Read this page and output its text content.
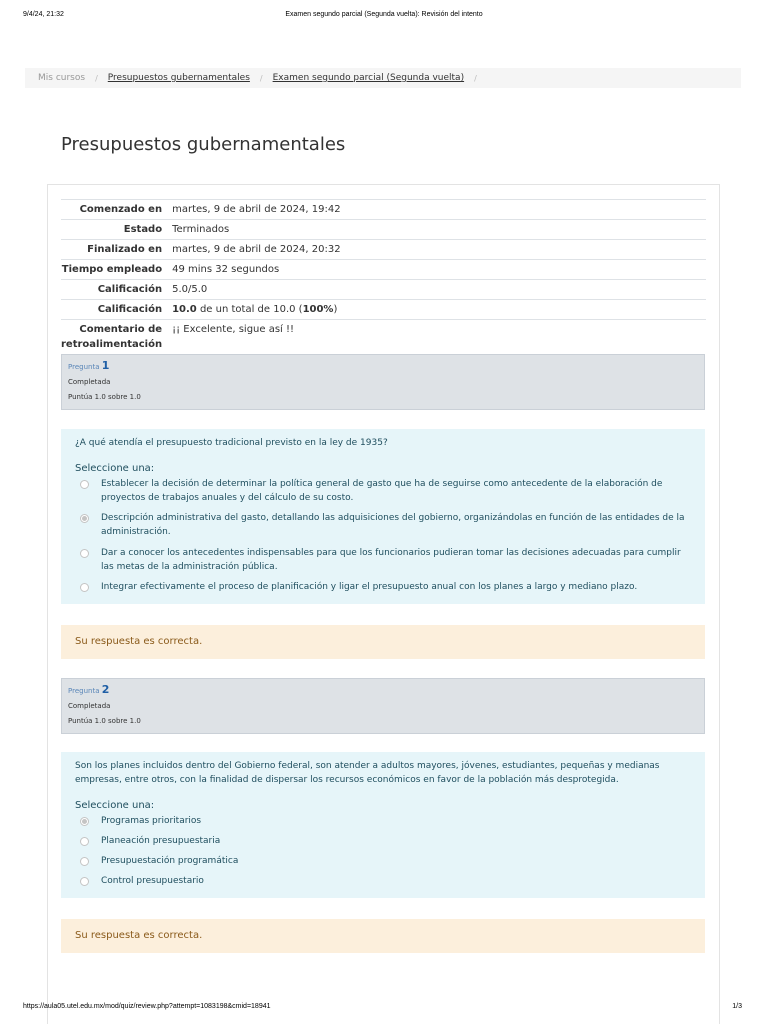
9/4/24, 21:32	Examen segundo parcial (Segunda vuelta): Revisión del intento
Mis cursos / Presupuestos gubernamentales / Examen segundo parcial (Segunda vuelta) /
Presupuestos gubernamentales
Comenzado en	martes, 9 de abril de 2024, 19:42
Estado	Terminados
Finalizado en	martes, 9 de abril de 2024, 20:32
Tiempo empleado	49 mins 32 segundos
Calificación	5.0/5.0
Calificación	10.0 de un total de 10.0 (100%)
Comentario de retroalimentación	¡¡ Excelente, sigue así !!
Pregunta 1
Completada
Puntúa 1.0 sobre 1.0
¿A qué atendía el presupuesto tradicional previsto en la ley de 1935?
Seleccione una:
Establecer la decisión de determinar la política general de gasto que ha de seguirse como antecedente de la elaboración de proyectos de trabajos anuales y del cálculo de su costo.
Descripción administrativa del gasto, detallando las adquisiciones del gobierno, organizándolas en función de las entidades de la administración.
Dar a conocer los antecedentes indispensables para que los funcionarios pudieran tomar las decisiones adecuadas para cumplir las metas de la administración pública.
Integrar efectivamente el proceso de planificación y ligar el presupuesto anual con los planes a largo y mediano plazo.
Su respuesta es correcta.
Pregunta 2
Completada
Puntúa 1.0 sobre 1.0
Son los planes incluidos dentro del Gobierno federal, son atender a adultos mayores, jóvenes, estudiantes, pequeñas y medianas empresas, entre otros, con la finalidad de dispersar los recursos económicos en favor de la población más desprotegida.
Seleccione una:
Programas prioritarios
Planeación presupuestaria
Presupuestación programática
Control presupuestario
Su respuesta es correcta.
https://aula05.utel.edu.mx/mod/quiz/review.php?attempt=1083198&cmid=18941	1/3
